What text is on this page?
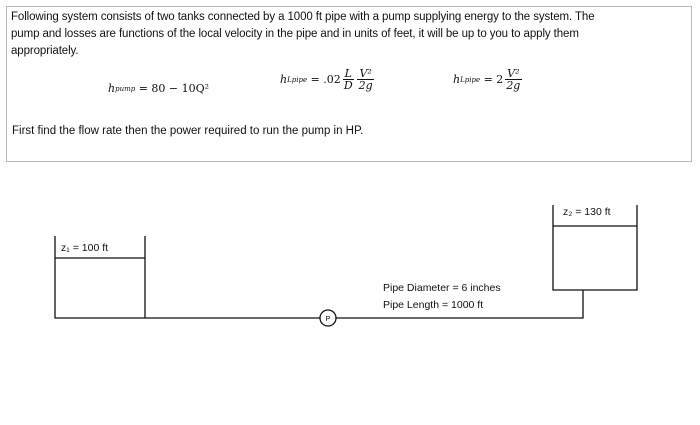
Following system consists of two tanks connected by a 1000 ft pipe with a pump supplying energy to the system. The
pump and losses are functions of the local velocity in the pipe and in units of feet, it will be up to you to apply them
appropriately.
h pump
= 80 − 10Q²
h Lpipe
= $.02 \frac{L}{D} \frac{\text{V²}}{2g}$	h Lpipe
= $2 \frac{\text{V²}}{2g}$
First find the flow rate then the power required to run the pump in HP.
P
z₁ = 100 ft
z₂ = 130 ft
Pipe Diameter = 6 inches
Pipe Length = 1000 ft
